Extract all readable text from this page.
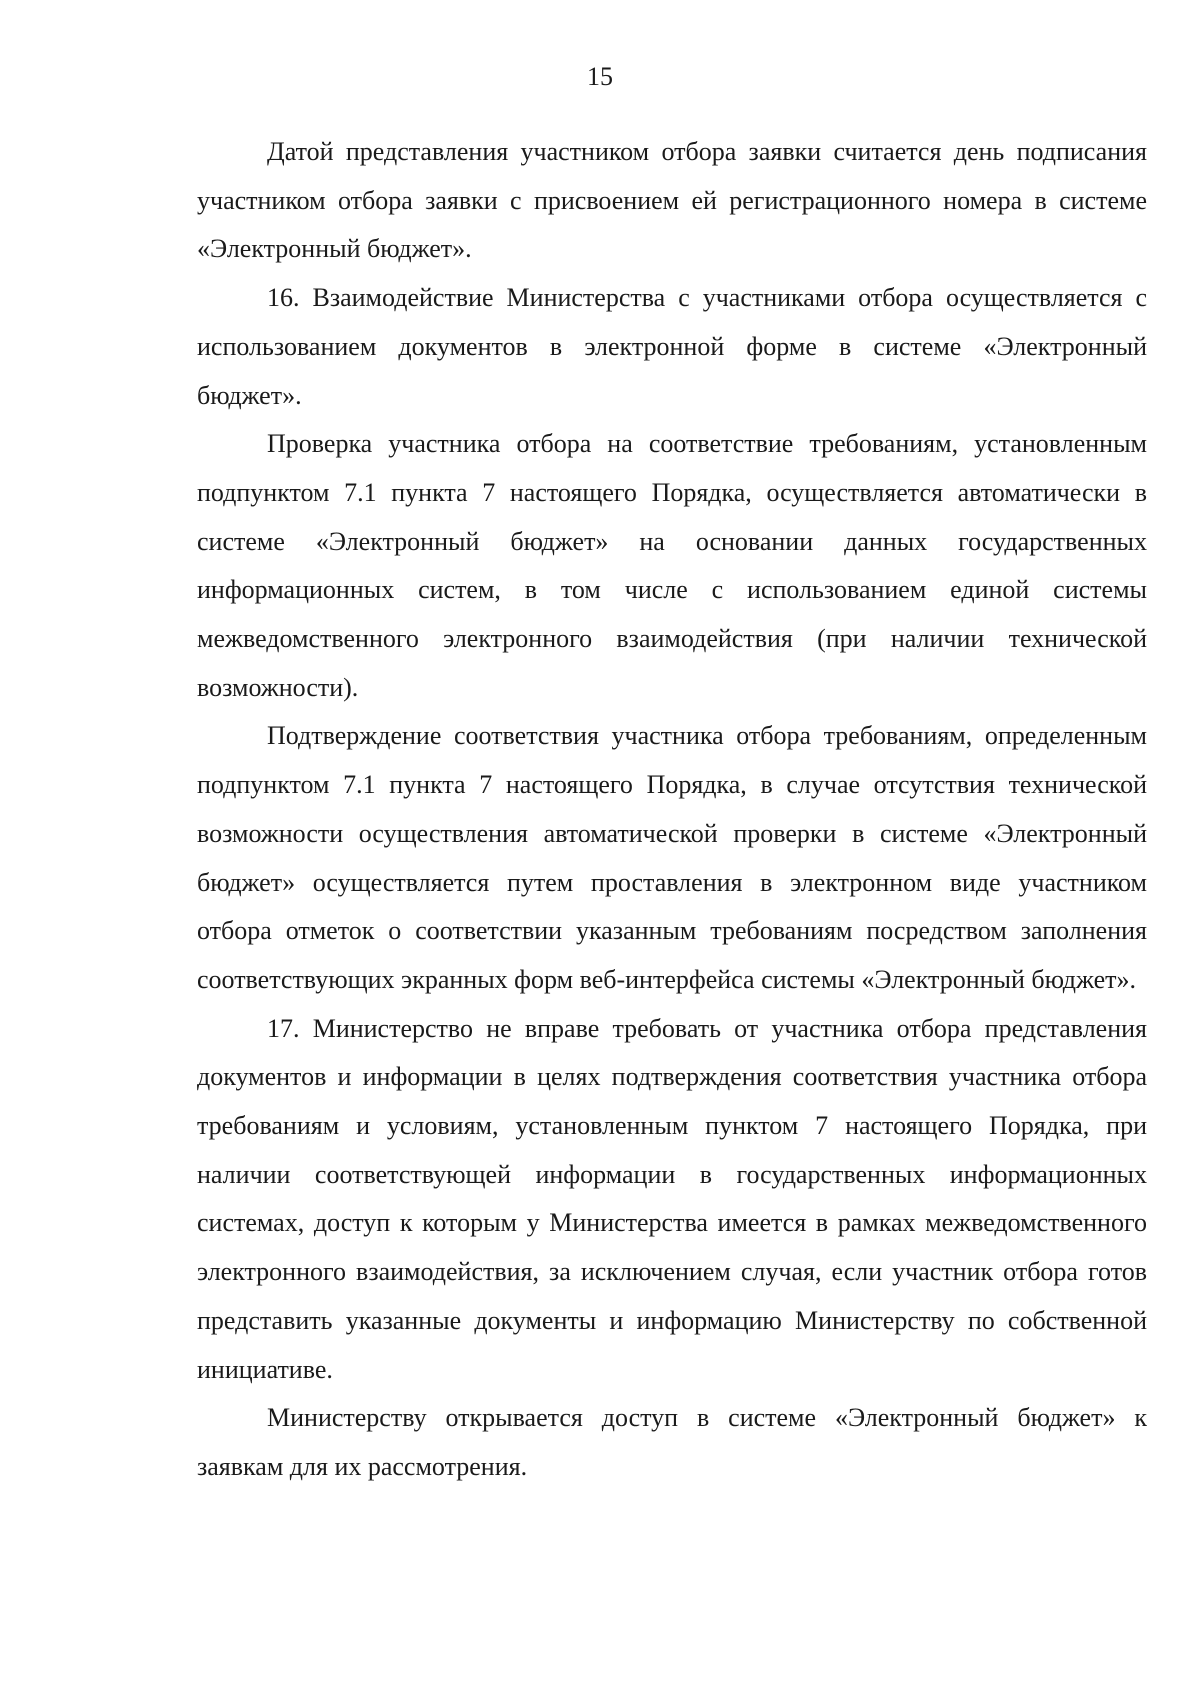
15

Датой представления участником отбора заявки считается день подписания участником отбора заявки с присвоением ей регистрационного номера в системе «Электронный бюджет».

16. Взаимодействие Министерства с участниками отбора осуществляется с использованием документов в электронной форме в системе «Электронный бюджет».

Проверка участника отбора на соответствие требованиям, установленным подпунктом 7.1 пункта 7 настоящего Порядка, осуществляется автоматически в системе «Электронный бюджет» на основании данных государственных информационных систем, в том числе с использованием единой системы межведомственного электронного взаимодействия (при наличии технической возможности).

Подтверждение соответствия участника отбора требованиям, определенным подпунктом 7.1 пункта 7 настоящего Порядка, в случае отсутствия технической возможности осуществления автоматической проверки в системе «Электронный бюджет» осуществляется путем проставления в электронном виде участником отбора отметок о соответствии указанным требованиям посредством заполнения соответствующих экранных форм веб-интерфейса системы «Электронный бюджет».

17. Министерство не вправе требовать от участника отбора представления документов и информации в целях подтверждения соответствия участника отбора требованиям и условиям, установленным пунктом 7 настоящего Порядка, при наличии соответствующей информации в государственных информационных системах, доступ к которым у Министерства имеется в рамках межведомственного электронного взаимодействия, за исключением случая, если участник отбора готов представить указанные документы и информацию Министерству по собственной инициативе.

Министерству открывается доступ в системе «Электронный бюджет» к заявкам для их рассмотрения.
